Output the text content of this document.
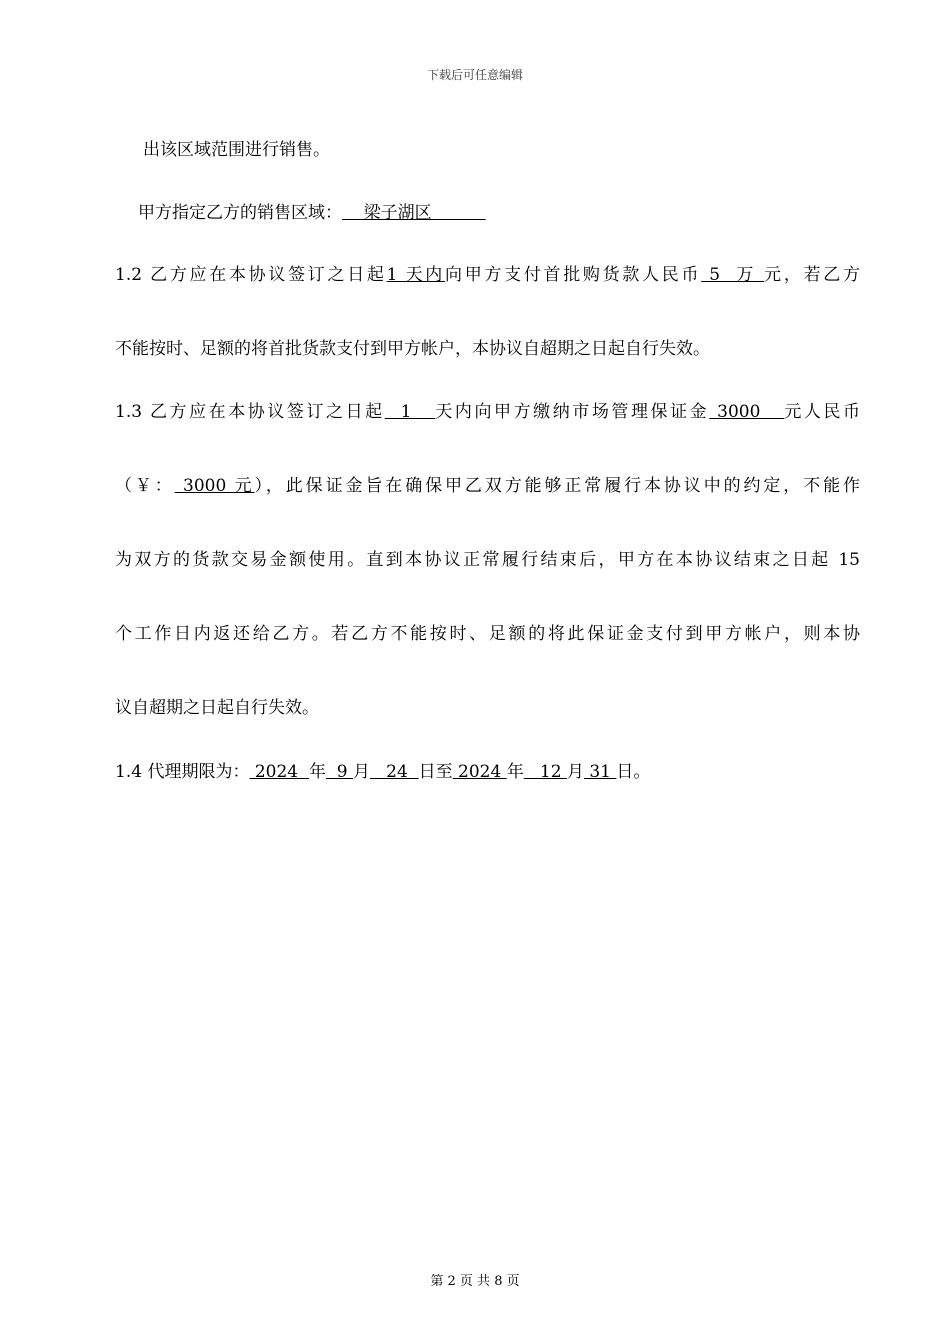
下载后可任意编辑
出该区域范围进行销售。
甲方指定乙方的销售区域：    梁子湖区
1.2 乙方应在本协议签订之日起1 天内向甲方支付首批购货款人民币 5  万 元，若乙方
不能按时、足额的将首批货款支付到甲方帐户，本协议自超期之日起自行失效。
1.3 乙方应在本协议签订之日起  1   天内向甲方缴纳市场管理保证金 3000   元人民币
（￥： 3000 元），此保证金旨在确保甲乙双方能够正常履行本协议中的约定，不能作
为双方的货款交易金额使用。直到本协议正常履行结束后，甲方在本协议结束之日起 15
个工作日内返还给乙方。若乙方不能按时、足额的将此保证金支付到甲方帐户，则本协
议自超期之日起自行失效。
1.4 代理期限为： 2024  年  9 月   24  日至 2024 年   12 月 31 日。
第 2 页 共 8 页
